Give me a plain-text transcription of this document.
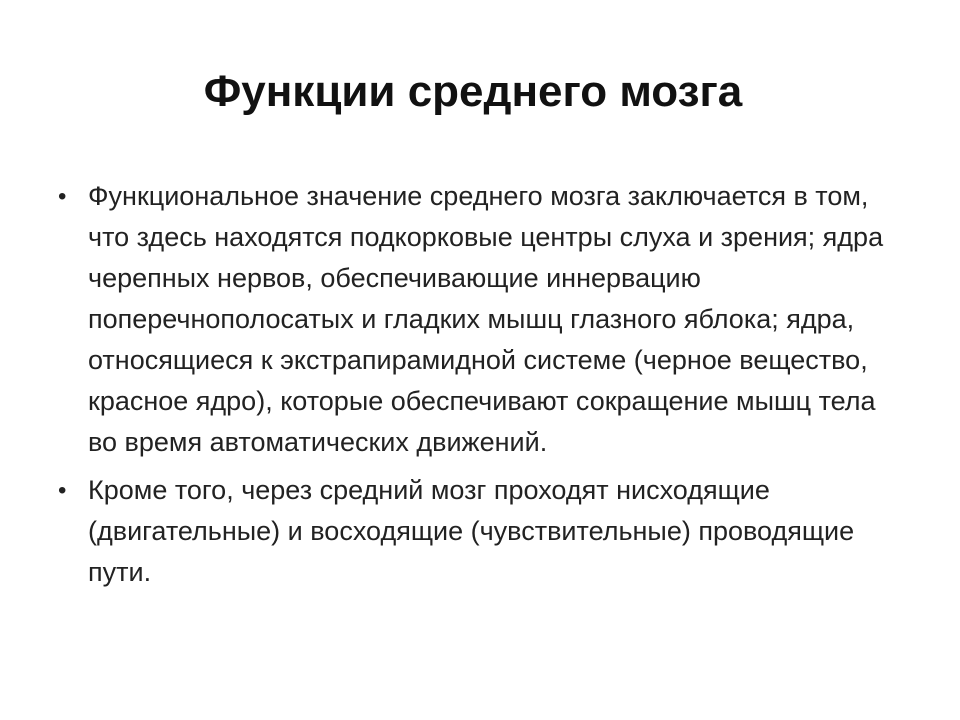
Функции среднего мозга
• Функциональное значение среднего мозга заключается в том, что здесь находятся подкорковые центры слуха и зрения; ядра черепных нервов, обеспечивающие иннервацию поперечнополосатых и гладких мышц глазного яблока; ядра, относящиеся к экстрапирамидной системе (черное вещество, красное ядро), которые обеспечивают сокращение мышц тела во время автоматических движений.
• Кроме того, через средний мозг проходят нисходящие (двигательные) и восходящие (чувствительные) проводящие пути.
